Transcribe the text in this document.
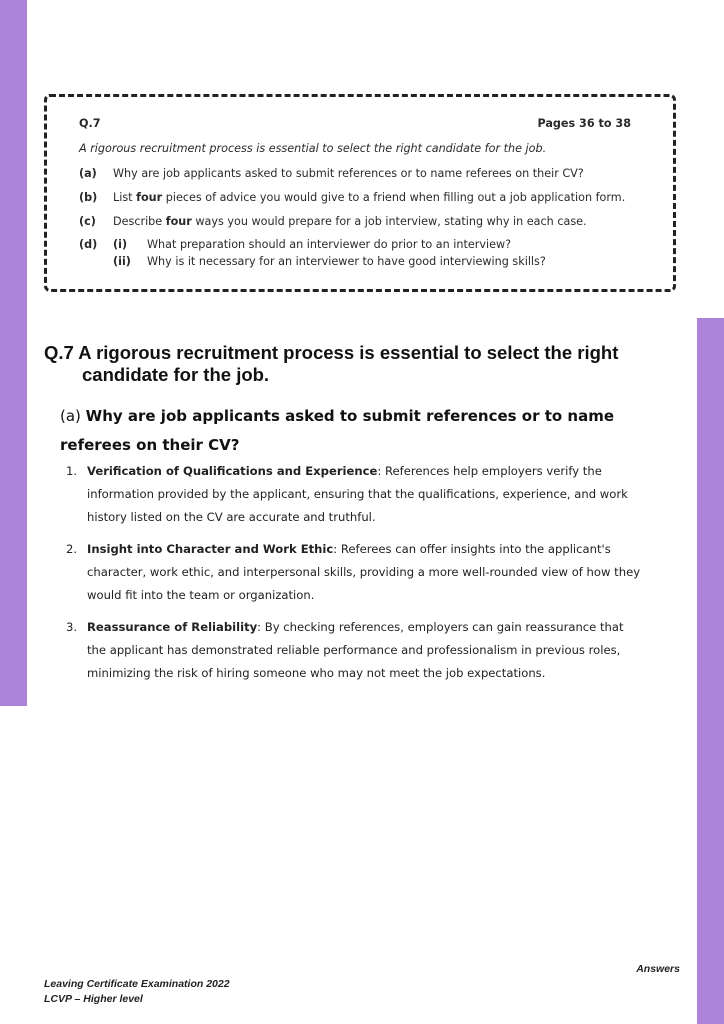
Q.7	Pages 36 to 38
A rigorous recruitment process is essential to select the right candidate for the job.
(a) Why are job applicants asked to submit references or to name referees on their CV?
(b) List four pieces of advice you would give to a friend when filling out a job application form.
(c) Describe four ways you would prepare for a job interview, stating why in each case.
(d) (i) What preparation should an interviewer do prior to an interview?
(ii) Why is it necessary for an interviewer to have good interviewing skills?
Q.7 A rigorous recruitment process is essential to select the right
candidate for the job.
(a) Why are job applicants asked to submit references or to name referees on their CV?
1. Verification of Qualifications and Experience: References help employers verify the information provided by the applicant, ensuring that the qualifications, experience, and work history listed on the CV are accurate and truthful.
2. Insight into Character and Work Ethic: Referees can offer insights into the applicant's character, work ethic, and interpersonal skills, providing a more well-rounded view of how they would fit into the team or organization.
3. Reassurance of Reliability: By checking references, employers can gain reassurance that the applicant has demonstrated reliable performance and professionalism in previous roles, minimizing the risk of hiring someone who may not meet the job expectations.
Answers
Leaving Certificate Examination 2022
LCVP – Higher level
